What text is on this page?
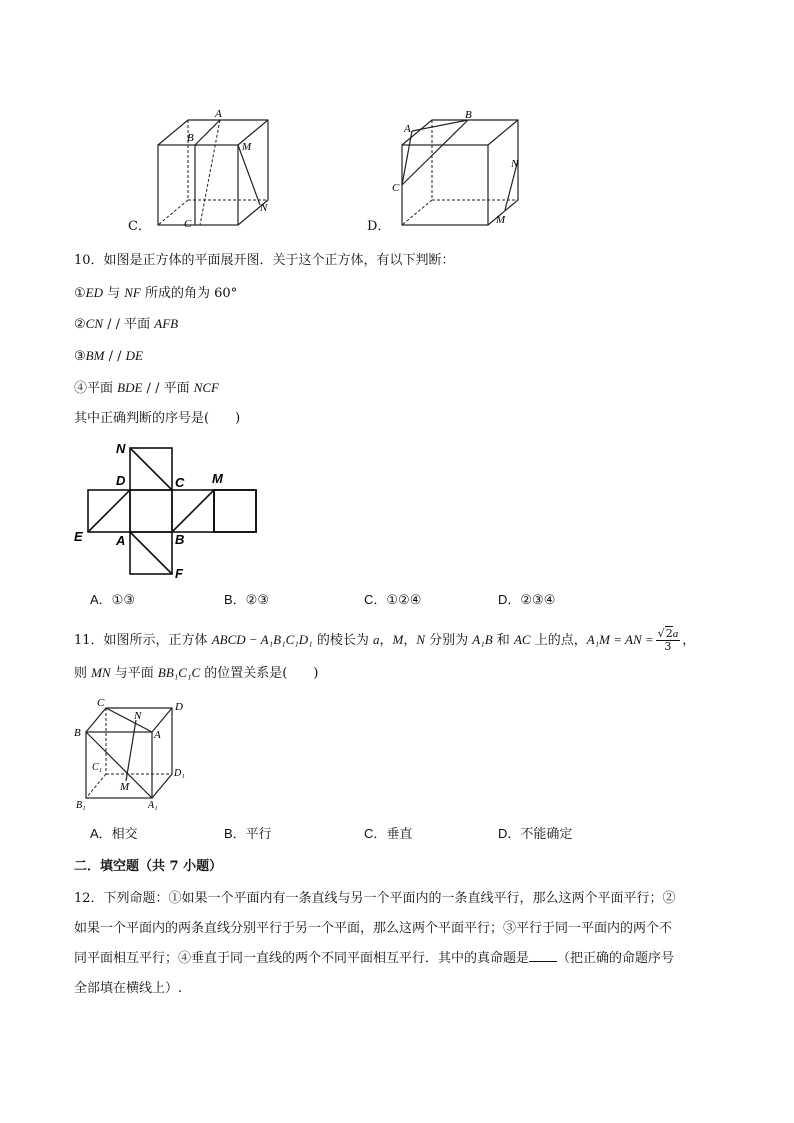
A
B
M
N
C
C．
A
B
C
N
M
D．
10．如图是正方体的平面展开图．关于这个正方体，有以下判断：
①ED 与 NF 所成的角为 60°
②CN / / 平面 AFB
③BM / / DE
④平面 BDE / / 平面 NCF
其中正确判断的序号是(　　)
N
D	C M
E	A	B
F
A．①③	B．②③	C．①②④	D．②③④
11．如图所示，正方体 ABCD − A₁B₁C₁D₁ 的棱长为 a，M，N 分别为 A₁B 和 AC 上的点，A₁M = AN = $\frac{√2a}{3}$ ，
则 MN 与平面 BB₁C₁C 的位置关系是(　　)
C
N
D
B	A
C₁
D₁
M
B₁	A₁
A．相交	B．平行	C．垂直	D．不能确定
二．填空题（共 7 小题）
12．下列命题：①如果一个平面内有一条直线与另一个平面内的一条直线平行，那么这两个平面平行；②
如果一个平面内的两条直线分别平行于另一个平面，那么这两个平面平行；③平行于同一平面内的两个不
同平面相互平行；④垂直于同一直线的两个不同平面相互平行．其中的真命题是 （把正确的命题序号
全部填在横线上）.
